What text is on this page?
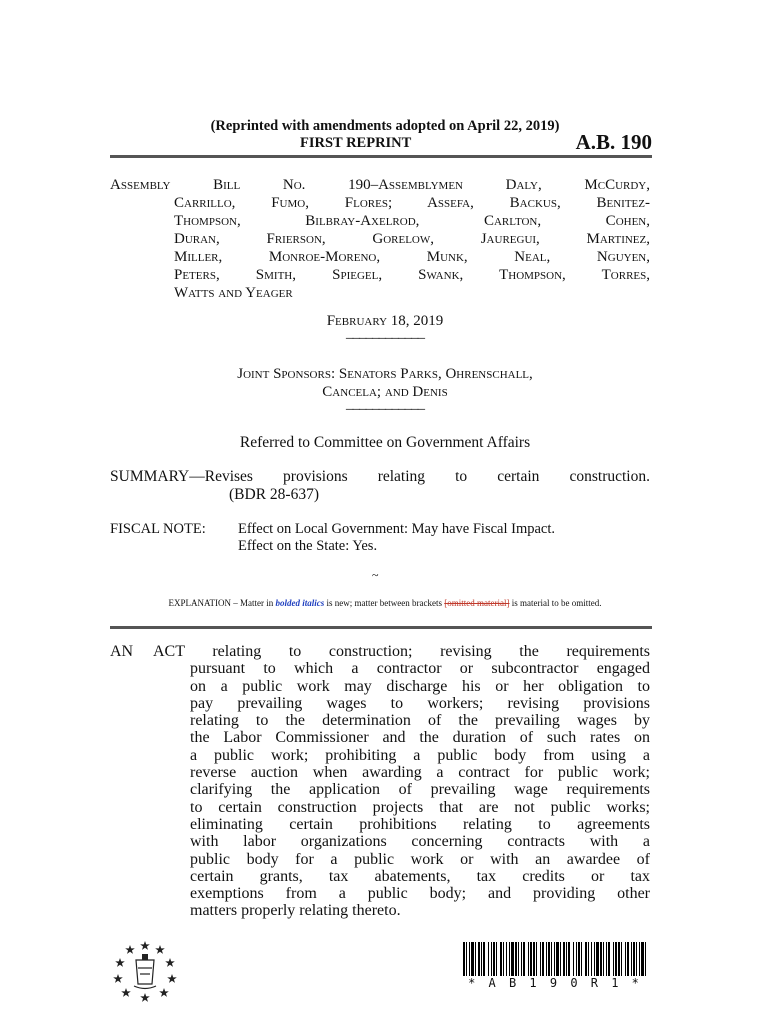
(Reprinted with amendments adopted on April 22, 2019)
FIRST REPRINT	A.B. 190
Assembly Bill No. 190–Assemblymen Daly, McCurdy,
Carrillo, Fumo, Flores; Assefa, Backus, Benitez-
Thompson, Bilbray-Axelrod, Carlton, Cohen,
Duran, Frierson, Gorelow, Jauregui, Martinez,
Miller, Monroe-Moreno, Munk, Neal, Nguyen,
Peters, Smith, Spiegel, Swank, Thompson, Torres,
Watts and Yeager
February 18, 2019
____________
Joint Sponsors: Senators Parks, Ohrenschall,
Cancela; and Denis
____________
Referred to Committee on Government Affairs
SUMMARY—Revises provisions relating to certain construction.
(BDR 28-637)
FISCAL NOTE: Effect on Local Government: May have Fiscal Impact.
Effect on the State: Yes.
~
EXPLANATION – Matter in bolded italics is new; matter between brackets [omitted material] is material to be omitted.
AN ACT relating to construction; revising the requirements
pursuant to which a contractor or subcontractor engaged
on a public work may discharge his or her obligation to
pay prevailing wages to workers; revising provisions
relating to the determination of the prevailing wages by
the Labor Commissioner and the duration of such rates on
a public work; prohibiting a public body from using a
reverse auction when awarding a contract for public work;
clarifying the application of prevailing wage requirements
to certain construction projects that are not public works;
eliminating certain prohibitions relating to agreements
with labor organizations concerning contracts with a
public body for a public work or with an awardee of
certain grants, tax abatements, tax credits or tax
exemptions from a public body; and providing other
matters properly relating thereto.
* A B 1 9 0 R 1 *
